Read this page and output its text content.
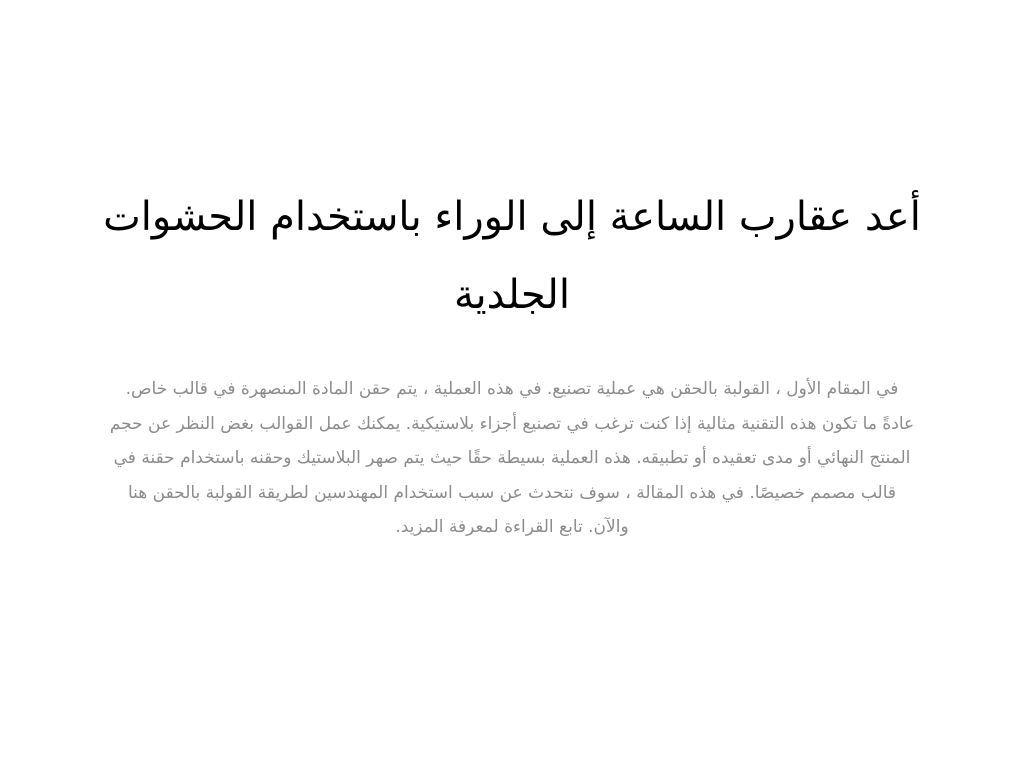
أعد عقارب الساعة إلى الوراء باستخدام الحشوات الجلدية

في المقام الأول ، القولبة بالحقن هي عملية تصنيع. في هذه العملية ، يتم حقن المادة المنصهرة في قالب خاص. عادةً ما تكون هذه التقنية مثالية إذا كنت ترغب في تصنيع أجزاء بلاستيكية. يمكنك عمل القوالب بغض النظر عن حجم المنتج النهائي أو مدى تعقيده أو تطبيقه. هذه العملية بسيطة حقًا حيث يتم صهر البلاستيك وحقنه باستخدام حقنة في قالب مصمم خصيصًا. في هذه المقالة ، سوف نتحدث عن سبب استخدام المهندسين لطريقة القولبة بالحقن هنا والآن. تابع القراءة لمعرفة المزيد.
